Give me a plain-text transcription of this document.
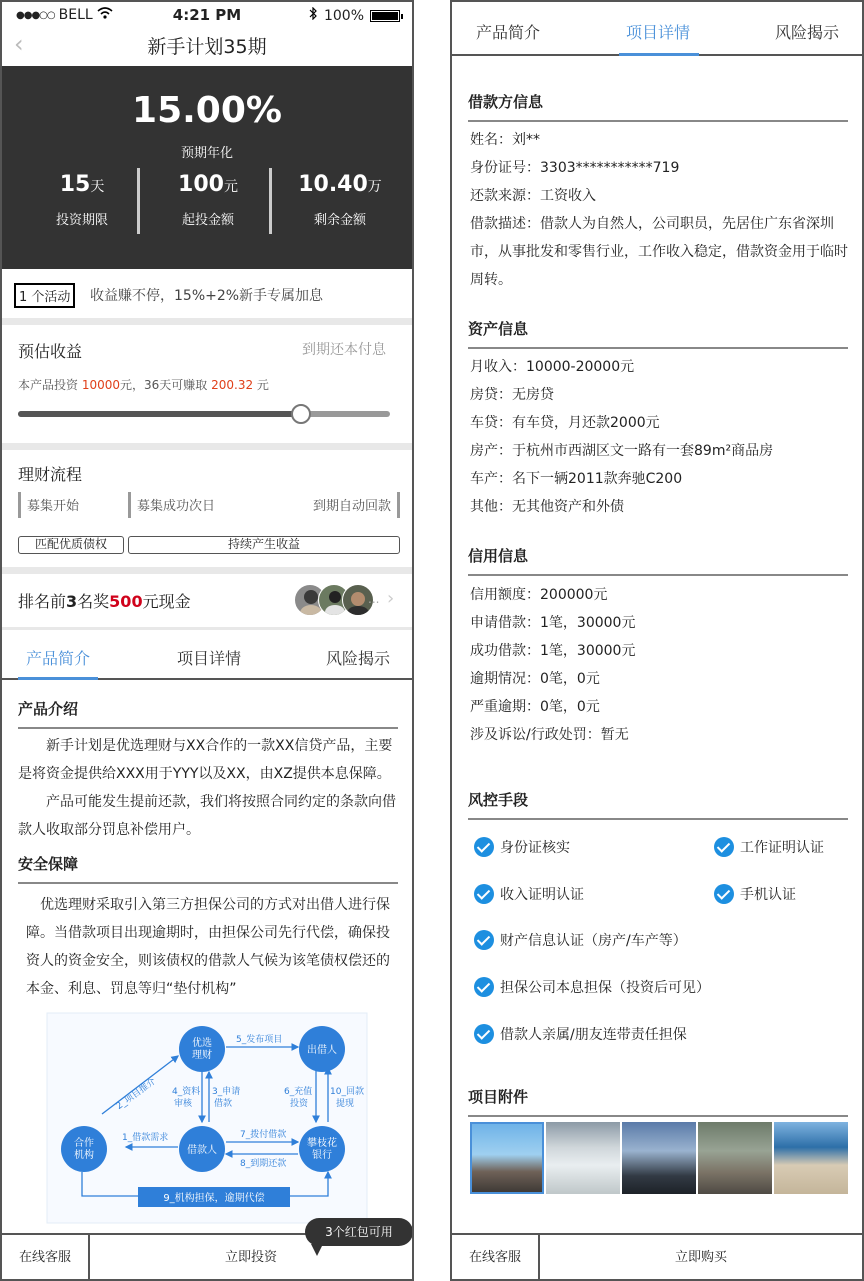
●●●○○ BELL	4:21 PM	100%
‹	新手计划35期
15.00%
预期年化
15天
投资期限
100元
起投金额
10.40万
剩余金额
1 个活动	收益赚不停，15%+2%新手专属加息
预估收益	到期还本付息
本产品投资 10000元，36天可赚取 200.32 元
理财流程
募集开始	募集成功次日	到期自动回款
匹配优质债权	持续产生收益
排名前3名奖500元现金	... ›
产品简介	项目详情	风险揭示
产品介绍
新手计划是优选理财与XX合作的一款XX信贷产品，主要是将资金提供给XXX用于YYY以及XX，由XZ提供本息保障。
产品可能发生提前还款，我们将按照合同约定的条款向借款人收取部分罚息补偿用户。
安全保障
优选理财采取引入第三方担保公司的方式对出借人进行保障。当借款项目出现逾期时，由担保公司先行代偿，确保投资人的资金安全，则该债权的借款人气候为该笔债权偿还的本金、利息、罚息等归“垫付机构”
优选
理财	出借人
合作
机构	借款人
攀枝花
银行
5_发布项目
2_项目推介 4_资料
审核
3_申请
借款
6_充值
投资
10_回款
提现
1_借款需求	7_拨付借款
8_到期还款
9_机构担保，逾期代偿
在线客服	立即投资
3个红包可用
产品简介	项目详情	风险揭示
借款方信息
姓名：刘**
身份证号：3303***********719
还款来源：工资收入
借款描述：借款人为自然人，公司职员，先居住广东省深圳市，从事批发和零售行业，工作收入稳定，借款资金用于临时周转。
资产信息
月收入：10000-20000元
房贷：无房贷
车贷：有车贷，月还款2000元
房产：于杭州市西湖区文一路有一套89m²商品房
车产：名下一辆2011款奔驰C200
其他：无其他资产和外债
信用信息
信用额度：200000元
申请借款：1笔，30000元
成功借款：1笔，30000元
逾期情况：0笔，0元
严重逾期：0笔，0元
涉及诉讼/行政处罚：暂无
风控手段
身份证核实	工作证明认证
收入证明认证	手机认证
财产信息认证（房产/车产等）
担保公司本息担保（投资后可见）
借款人亲属/朋友连带责任担保
项目附件
在线客服	立即购买
